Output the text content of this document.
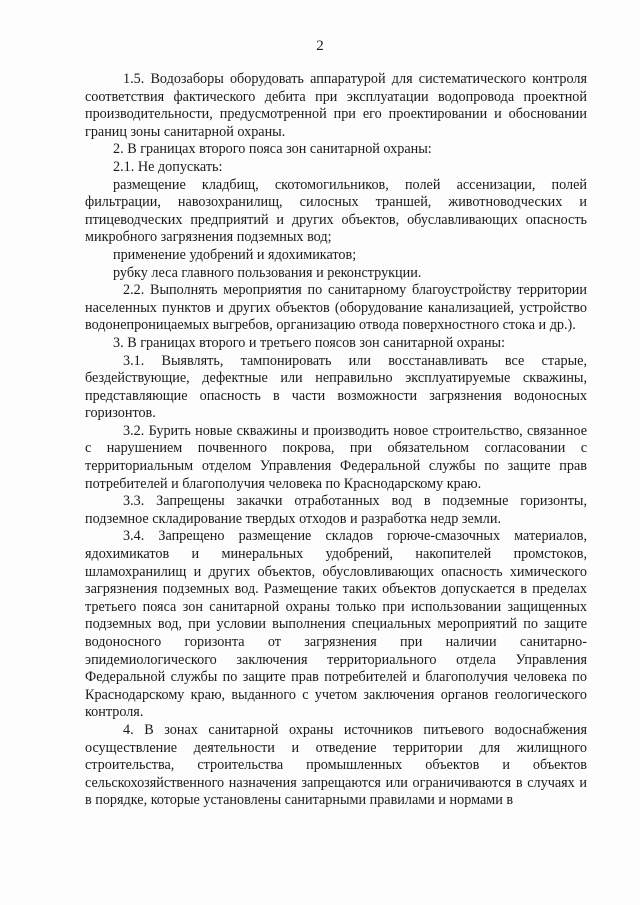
2

1.5. Водозаборы оборудовать аппаратурой для систематического контроля соответствия фактического дебита при эксплуатации водопровода проектной производительности, предусмотренной при его проектировании и обосновании границ зоны санитарной охраны.

2. В границах второго пояса зон санитарной охраны:

2.1. Не допускать:

размещение кладбищ, скотомогильников, полей ассенизации, полей фильтрации, навозохранилищ, силосных траншей, животноводческих и птицеводческих предприятий и других объектов, обуславливающих опасность микробного загрязнения подземных вод;

применение удобрений и ядохимикатов;

рубку леса главного пользования и реконструкции.

2.2. Выполнять мероприятия по санитарному благоустройству территории населенных пунктов и других объектов (оборудование канализацией, устройство водонепроницаемых выгребов, организацию отвода поверхностного стока и др.).

3. В границах второго и третьего поясов зон санитарной охраны:

3.1. Выявлять, тампонировать или восстанавливать все старые, бездействующие, дефектные или неправильно эксплуатируемые скважины, представляющие опасность в части возможности загрязнения водоносных горизонтов.

3.2. Бурить новые скважины и производить новое строительство, связанное с нарушением почвенного покрова, при обязательном согласовании с территориальным отделом Управления Федеральной службы по защите прав потребителей и благополучия человека по Краснодарскому краю.

3.3. Запрещены закачки отработанных вод в подземные горизонты, подземное складирование твердых отходов и разработка недр земли.

3.4. Запрещено размещение складов горюче-смазочных материалов, ядохимикатов и минеральных удобрений, накопителей промстоков, шламохранилищ и других объектов, обусловливающих опасность химического загрязнения подземных вод. Размещение таких объектов допускается в пределах третьего пояса зон санитарной охраны только при использовании защищенных подземных вод, при условии выполнения специальных мероприятий по защите водоносного горизонта от загрязнения при наличии санитарно-эпидемиологического заключения территориального отдела Управления Федеральной службы по защите прав потребителей и благополучия человека по Краснодарскому краю, выданного с учетом заключения органов геологического контроля.

4. В зонах санитарной охраны источников питьевого водоснабжения осуществление деятельности и отведение территории для жилищного строительства, строительства промышленных объектов и объектов сельскохозяйственного назначения запрещаются или ограничиваются в случаях и в порядке, которые установлены санитарными правилами и нормами в
